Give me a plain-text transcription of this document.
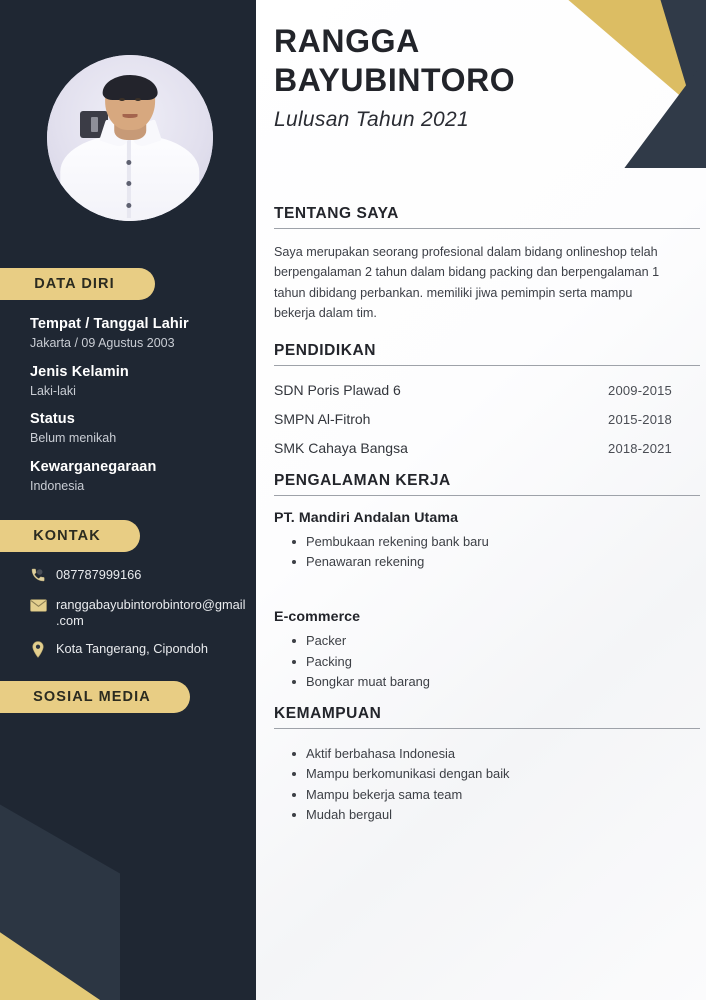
DATA DIRI
Tempat / Tanggal Lahir
Jakarta / 09 Agustus 2003
Jenis Kelamin
Laki-laki
Status
Belum menikah
Kewarganegaraan
Indonesia
KONTAK
087787999166
ranggabayubintorobintoro@gmail.com
Kota Tangerang, Cipondoh
SOSIAL MEDIA
RANGGA
BAYUBINTORO
Lulusan Tahun 2021
TENTANG SAYA

Saya merupakan seorang profesional dalam bidang onlineshop telah berpengalaman 2 tahun dalam bidang packing dan berpengalaman 1 tahun dibidang perbankan. memiliki jiwa pemimpin serta mampu bekerja dalam tim.

PENDIDIKAN
SDN Poris Plawad 6	2009-2015
SMPN Al-Fitroh	2015-2018
SMK Cahaya Bangsa	2018-2021
PENGALAMAN KERJA
PT. Mandiri Andalan Utama
Pembukaan rekening bank baru
Penawaran rekening
E-commerce
Packer
Packing
Bongkar muat barang
KEMAMPUAN
Aktif berbahasa Indonesia
Mampu berkomunikasi dengan baik
Mampu bekerja sama team
Mudah bergaul
